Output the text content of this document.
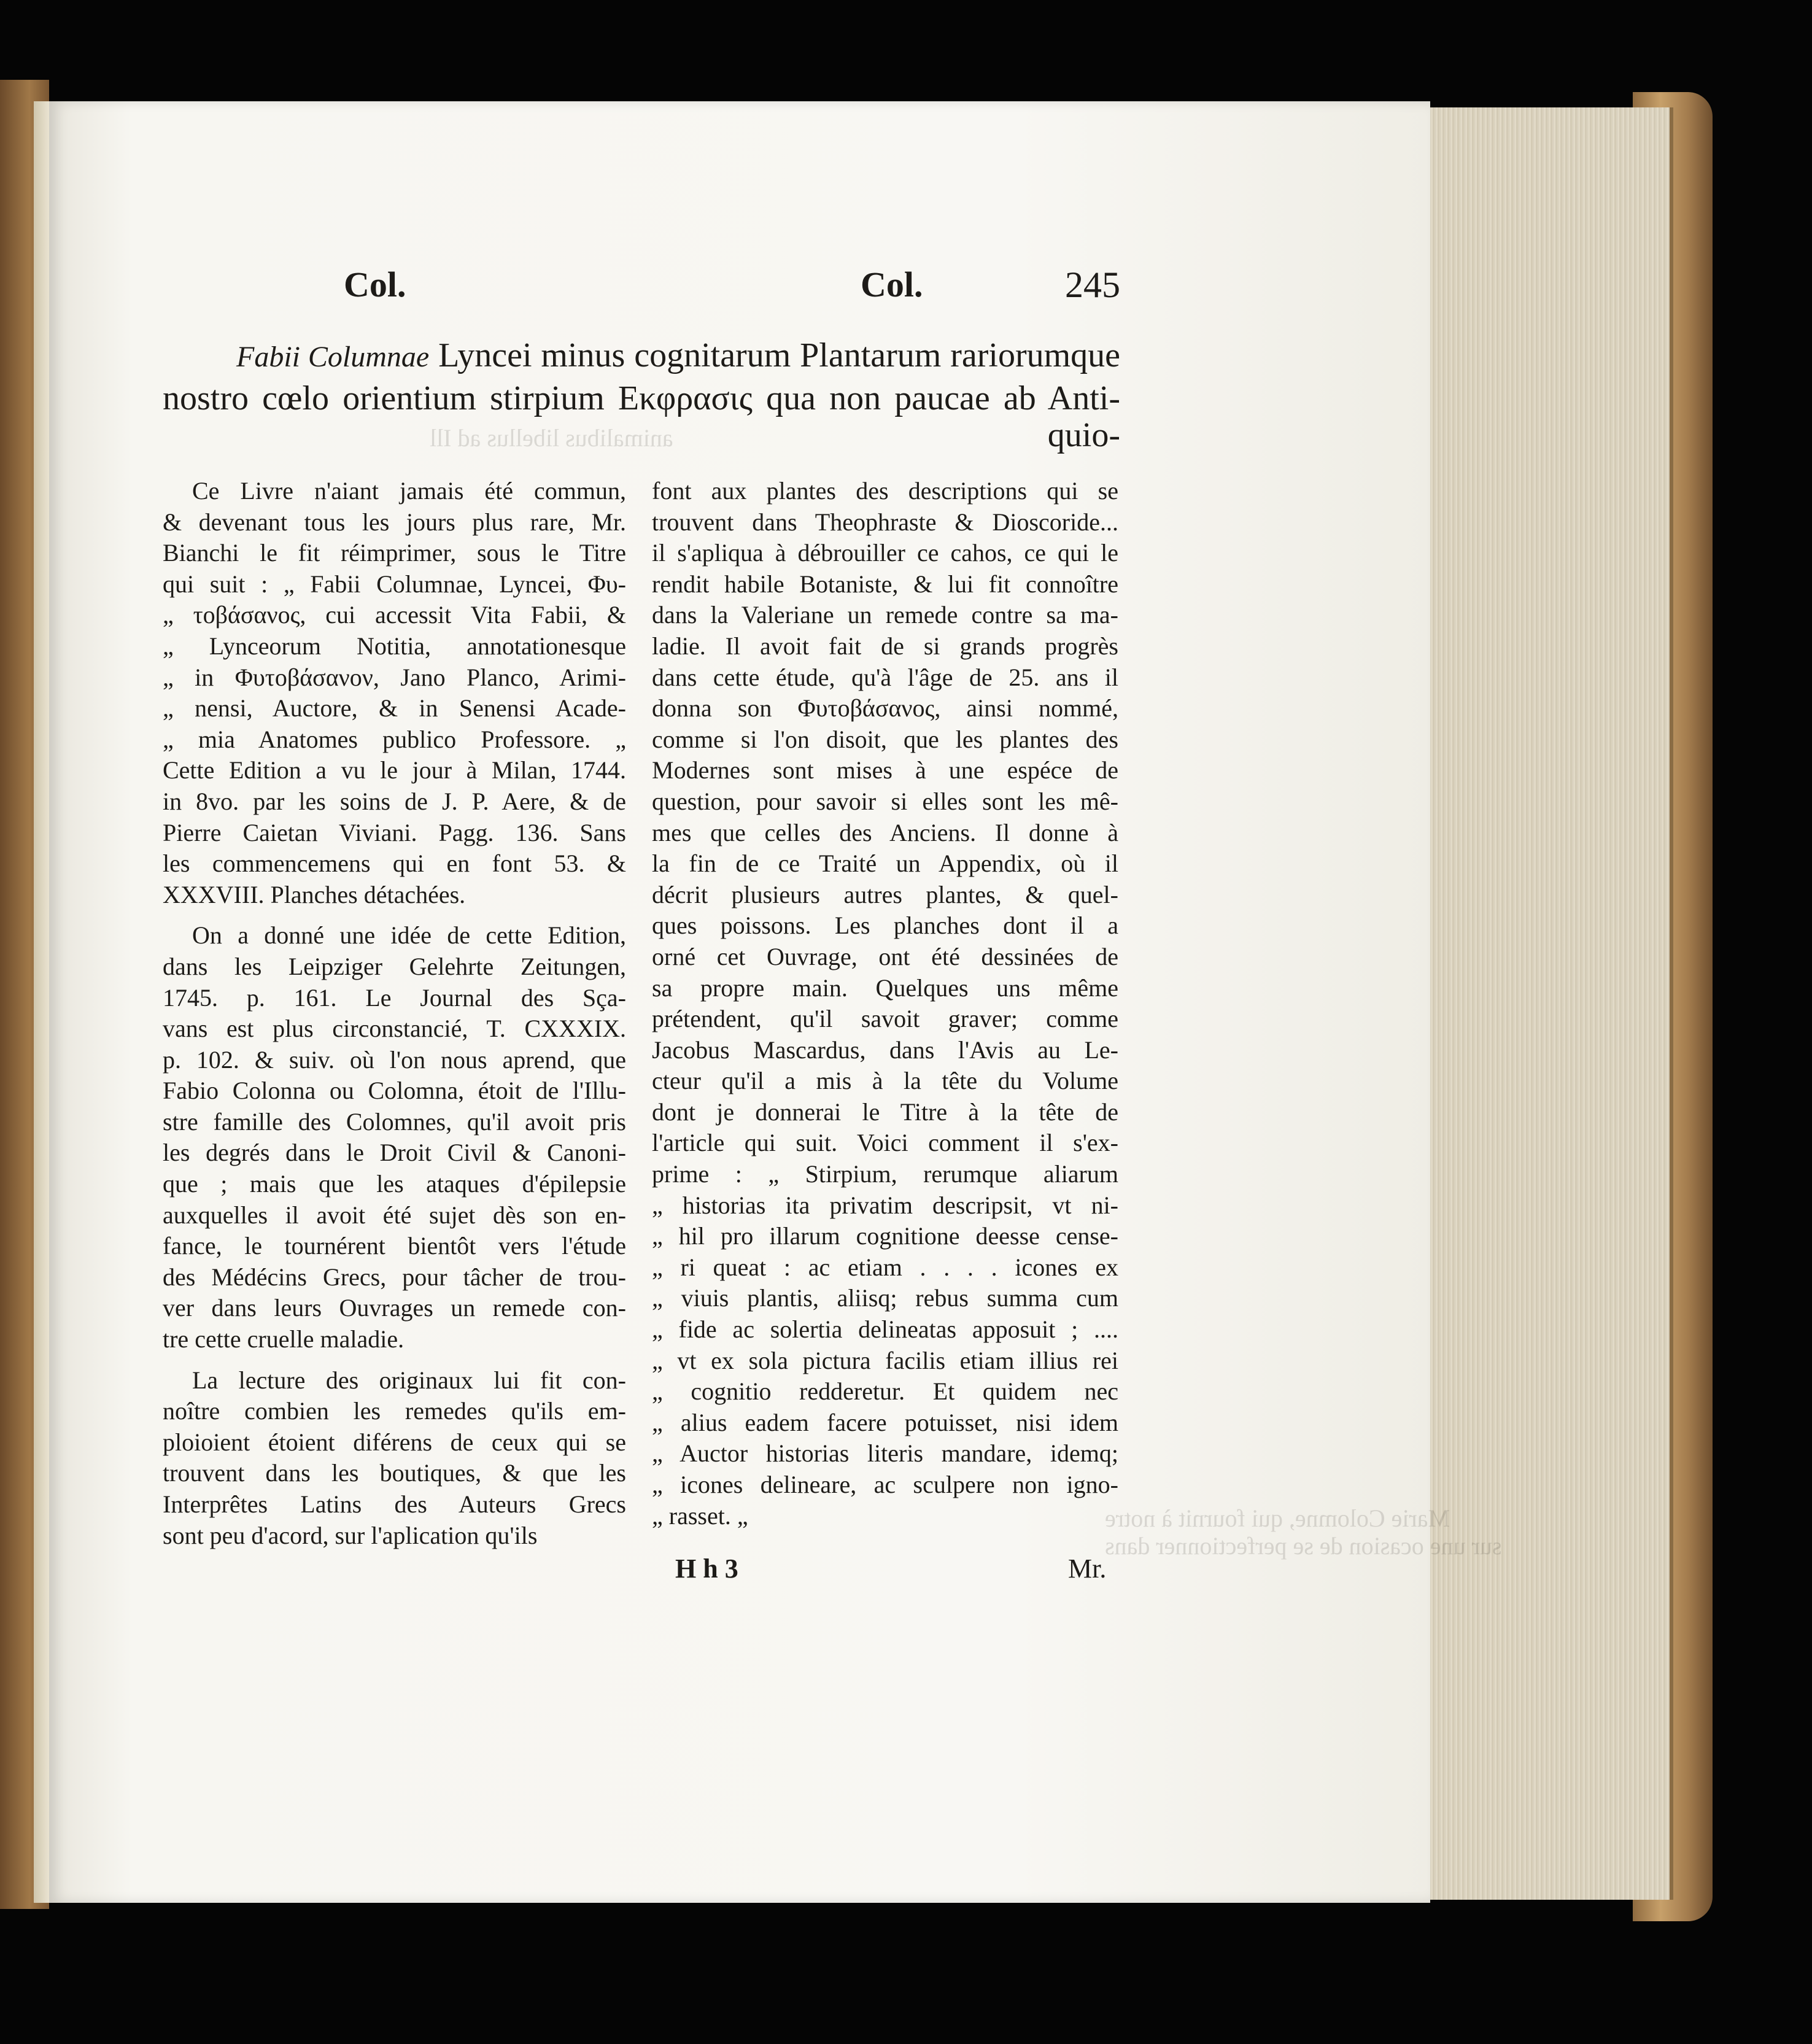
animalibus libellus ad Ill
Marie Colomne, qui fournit à notre
sur une ocasion de se perfectionner dans
Col.	Col.	245
Fabii Columnae Lyncei minus cognitarum Plantarum rariorumque
nostro cœlo orientium stirpium Εκφρασις qua non paucae ab Anti-
quio-
Ce Livre n'aiant jamais été commun,
& devenant tous les jours plus rare, Mr.
Bianchi le fit réimprimer, sous le Titre
qui suit : „ Fabii Columnae, Lyncei, Φυ-
„ τοβάσανος, cui accessit Vita Fabii, &
„ Lynceorum Notitia, annotationesque
„ in Φυτοβάσανον, Jano Planco, Arimi-
„ nensi, Auctore, & in Senensi Acade-
„ mia Anatomes publico Professore. „
Cette Edition a vu le jour à Milan, 1744.
in 8vo. par les soins de J. P. Aere, & de
Pierre Caietan Viviani. Pagg. 136. Sans
les commencemens qui en font 53. &
XXXVIII. Planches détachées.
On a donné une idée de cette Edition,
dans les Leipziger Gelehrte Zeitungen,
1745. p. 161. Le Journal des Sça-
vans est plus circonstancié, T. CXXXIX.
p. 102. & suiv. où l'on nous aprend, que
Fabio Colonna ou Colomna, étoit de l'Illu-
stre famille des Colomnes, qu'il avoit pris
les degrés dans le Droit Civil & Canoni-
que ; mais que les ataques d'épilepsie
auxquelles il avoit été sujet dès son en-
fance, le tournérent bientôt vers l'étude
des Médécins Grecs, pour tâcher de trou-
ver dans leurs Ouvrages un remede con-
tre cette cruelle maladie.
La lecture des originaux lui fit con-
noître combien les remedes qu'ils em-
ploioient étoient diférens de ceux qui se
trouvent dans les boutiques, & que les
Interprêtes Latins des Auteurs Grecs
sont peu d'acord, sur l'aplication qu'ils
font aux plantes des descriptions qui se
trouvent dans Theophraste & Dioscoride...
il s'apliqua à débrouiller ce cahos, ce qui le
rendit habile Botaniste, & lui fit connoître
dans la Valeriane un remede contre sa ma-
ladie. Il avoit fait de si grands progrès
dans cette étude, qu'à l'âge de 25. ans il
donna son Φυτοβάσανος, ainsi nommé,
comme si l'on disoit, que les plantes des
Modernes sont mises à une espéce de
question, pour savoir si elles sont les mê-
mes que celles des Anciens. Il donne à
la fin de ce Traité un Appendix, où il
décrit plusieurs autres plantes, & quel-
ques poissons. Les planches dont il a
orné cet Ouvrage, ont été dessinées de
sa propre main. Quelques uns même
prétendent, qu'il savoit graver; comme
Jacobus Mascardus, dans l'Avis au Le-
cteur qu'il a mis à la tête du Volume
dont je donnerai le Titre à la tête de
l'article qui suit. Voici comment il s'ex-
prime : „ Stirpium, rerumque aliarum
„ historias ita privatim descripsit, vt ni-
„ hil pro illarum cognitione deesse cense-
„ ri queat : ac etiam . . . . icones ex
„ viuis plantis, aliisq; rebus summa cum
„ fide ac solertia delineatas apposuit ; ....
„ vt ex sola pictura facilis etiam illius rei
„ cognitio redderetur. Et quidem nec
„ alius eadem facere potuisset, nisi idem
„ Auctor historias literis mandare, idemq;
„ icones delineare, ac sculpere non igno-
„ rasset. „
H h 3	Mr.
